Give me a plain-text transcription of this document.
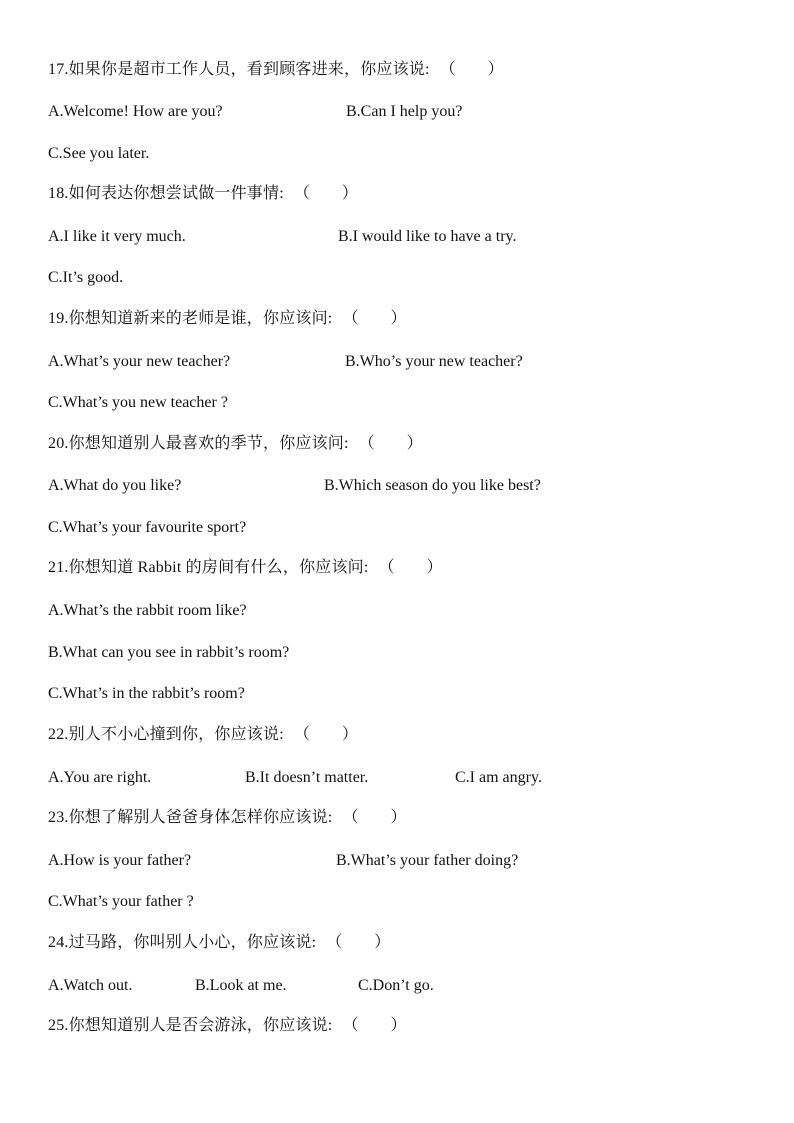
17.如果你是超市工作人员，看到顾客进来，你应该说: （　　）
A.Welcome! How are you?	B.Can I help you?
C.See you later.
18.如何表达你想尝试做一件事情: （　　）
A.I like it very much.	B.I would like to have a try.
C.It’s good.
19.你想知道新来的老师是谁，你应该问: （　　）
A.What’s your new teacher?	B.Who’s your new teacher?
C.What’s you new teacher ?
20.你想知道别人最喜欢的季节，你应该问: （　　）
A.What do you like?	B.Which season do you like best?
C.What’s your favourite sport?
21.你想知道 Rabbit 的房间有什么，你应该问: （　　）
A.What’s the rabbit room like?
B.What can you see in rabbit’s room?
C.What’s in the rabbit’s room?
22.别人不小心撞到你，你应该说: （　　）
A.You are right.	B.It doesn’t matter.	C.I am angry.
23.你想了解别人爸爸身体怎样你应该说: （　　）
A.How is your father?	B.What’s your father doing?
C.What’s your father ?
24.过马路，你叫别人小心，你应该说: （　　）
A.Watch out.	B.Look at me.	C.Don’t go.
25.你想知道别人是否会游泳，你应该说: （　　）
